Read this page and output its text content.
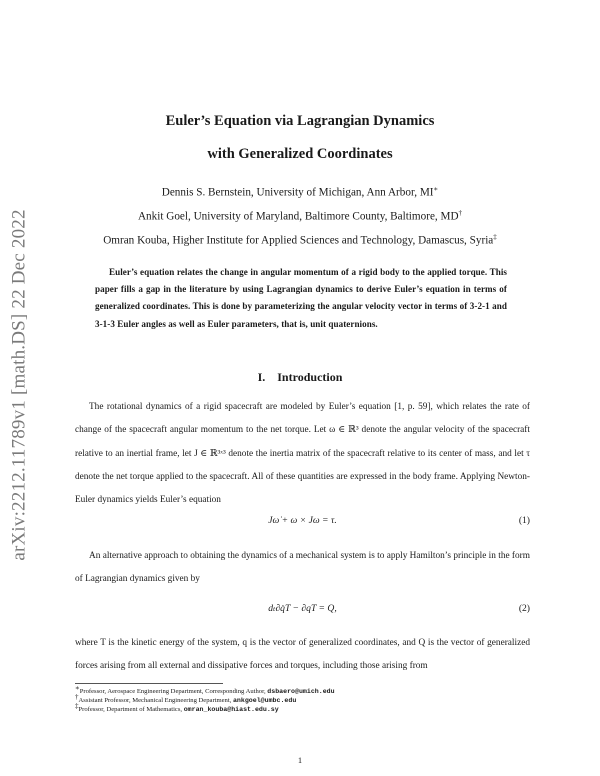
arXiv:2212.11789v1 [math.DS] 22 Dec 2022
Euler’s Equation via Lagrangian Dynamics
with Generalized Coordinates
Dennis S. Bernstein, University of Michigan, Ann Arbor, MI∗
Ankit Goel, University of Maryland, Baltimore County, Baltimore, MD†
Omran Kouba, Higher Institute for Applied Sciences and Technology, Damascus, Syria‡
Euler’s equation relates the change in angular momentum of a rigid body to the applied torque. This paper fills a gap in the literature by using Lagrangian dynamics to derive Euler’s equation in terms of generalized coordinates. This is done by parameterizing the angular velocity vector in terms of 3-2-1 and 3-1-3 Euler angles as well as Euler parameters, that is, unit quaternions.
I. Introduction
The rotational dynamics of a rigid spacecraft are modeled by Euler’s equation [1, p. 59], which relates the rate of change of the spacecraft angular momentum to the net torque. Let ω ∈ ℝ³ denote the angular velocity of the spacecraft relative to an inertial frame, let J ∈ ℝ³ˣ³ denote the inertia matrix of the spacecraft relative to its center of mass, and let τ denote the net torque applied to the spacecraft. All of these quantities are expressed in the body frame. Applying Newton-Euler dynamics yields Euler’s equation
Jω̇ + ω × Jω = τ.	(1)
An alternative approach to obtaining the dynamics of a mechanical system is to apply Hamilton’s principle in the form of Lagrangian dynamics given by
dₜ∂q̇T − ∂qT = Q,	(2)
where T is the kinetic energy of the system, q is the vector of generalized coordinates, and Q is the vector of generalized forces arising from all external and dissipative forces and torques, including those arising from
∗Professor, Aerospace Engineering Department, Corresponding Author, dsbaero@umich.edu
†Assistant Professor, Mechanical Engineering Department, ankgoel@umbc.edu
‡Professor, Department of Mathematics, omran_kouba@hiast.edu.sy
1
